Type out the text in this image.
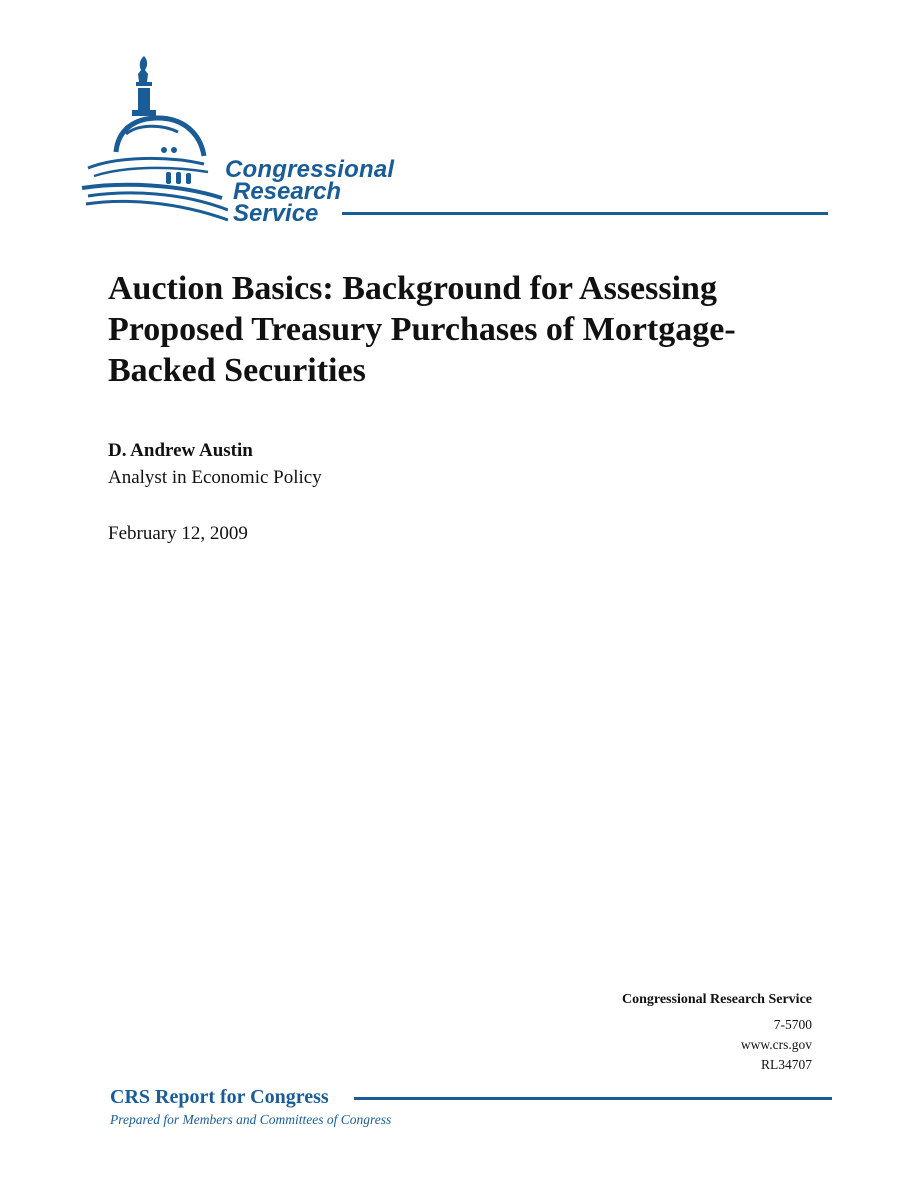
Congressional
Research
Service
Auction Basics: Background for Assessing Proposed Treasury Purchases of Mortgage-Backed Securities
D. Andrew Austin
Analyst in Economic Policy
February 12, 2009
Congressional Research Service
7-5700
www.crs.gov
RL34707
CRS Report for Congress
Prepared for Members and Committees of Congress
